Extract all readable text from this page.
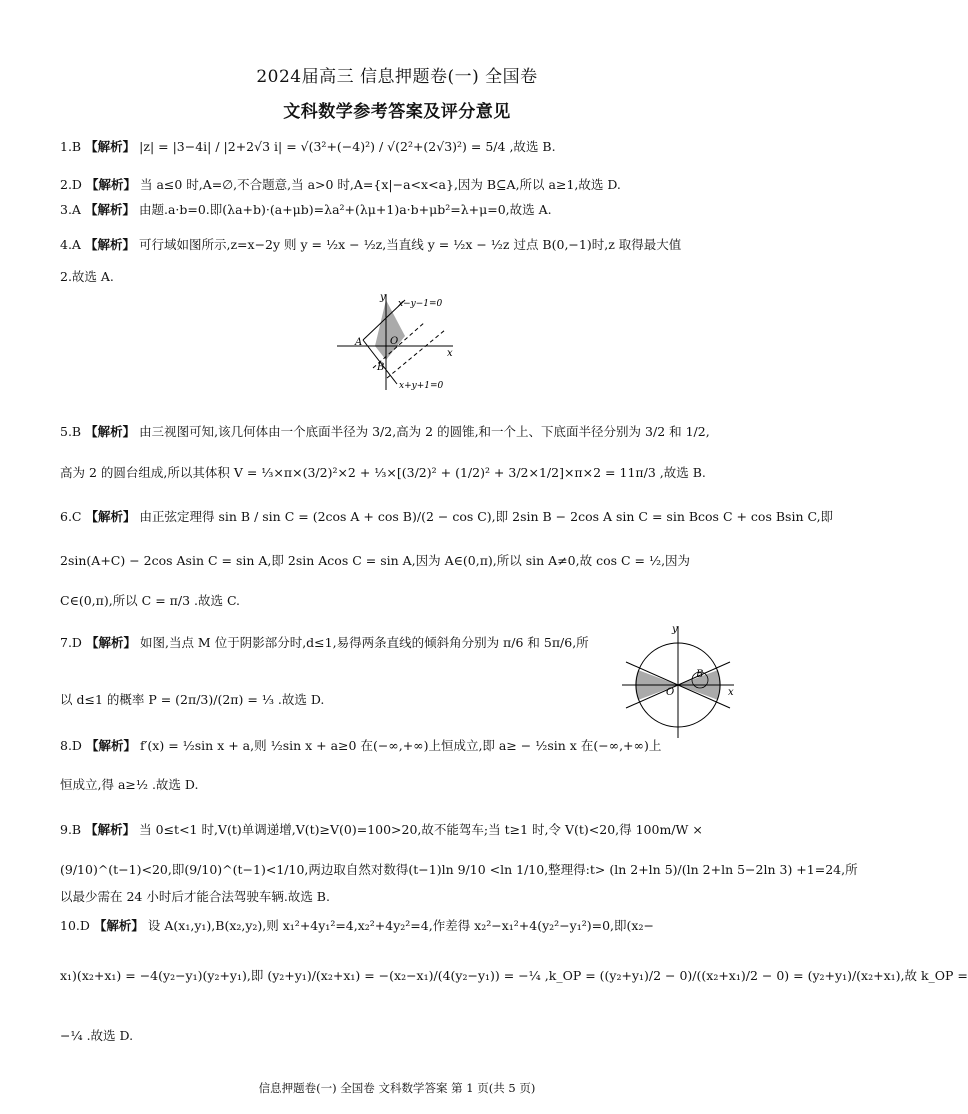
2024届高三 信息押题卷(一) 全国卷
文科数学参考答案及评分意见
1.B 【解析】 |z| = |3−4i| / |2+2√3 i| = √(3²+(−4)²) / √(2²+(2√3)²) = 5/4 ,故选 B.
2.D 【解析】 当 a≤0 时,A=∅,不合题意,当 a>0 时,A={x|−a<x<a},因为 B⊆A,所以 a≥1,故选 D.
3.A 【解析】 由题.a·b=0.即(λa+b)·(a+μb)=λa²+(λμ+1)a·b+μb²=λ+μ=0,故选 A.
4.A 【解析】 可行域如图所示,z=x−2y 则 y = ½x − ½z,当直线 y = ½x − ½z 过点 B(0,−1)时,z 取得最大值
2.故选 A.
y
x
O
A
B
x−y−1=0
x+y+1=0
5.B 【解析】 由三视图可知,该几何体由一个底面半径为 3/2,高为 2 的圆锥,和一个上、下底面半径分别为 3/2 和 1/2,
高为 2 的圆台组成,所以其体积 V = ⅓×π×(3/2)²×2 + ⅓×[(3/2)² + (1/2)² + 3/2×1/2]×π×2 = 11π/3 ,故选 B.
6.C 【解析】 由正弦定理得 sin B / sin C = (2cos A + cos B)/(2 − cos C),即 2sin B − 2cos A sin C = sin Bcos C + cos Bsin C,即
2sin(A+C) − 2cos Asin C = sin A,即 2sin Acos C = sin A,因为 A∈(0,π),所以 sin A≠0,故 cos C = ½,因为
C∈(0,π),所以 C = π/3 .故选 C.
7.D 【解析】 如图,当点 M 位于阴影部分时,d≤1,易得两条直线的倾斜角分别为 π/6 和 5π/6,所
以 d≤1 的概率 P = (2π/3)/(2π) = ⅓ .故选 D.
y
x
O
B
8.D 【解析】 f′(x) = ½sin x + a,则 ½sin x + a≥0 在(−∞,+∞)上恒成立,即 a≥ − ½sin x 在(−∞,+∞)上
恒成立,得 a≥½ .故选 D.
9.B 【解析】 当 0≤t<1 时,V(t)单调递增,V(t)≥V(0)=100>20,故不能驾车;当 t≥1 时,令 V(t)<20,得 100m/W ×
(9/10)^(t−1)<20,即(9/10)^(t−1)<1/10,两边取自然对数得(t−1)ln 9/10 <ln 1/10,整理得:t> (ln 2+ln 5)/(ln 2+ln 5−2ln 3) +1=24,所
以最少需在 24 小时后才能合法驾驶车辆.故选 B.
10.D 【解析】 设 A(x₁,y₁),B(x₂,y₂),则 x₁²+4y₁²=4,x₂²+4y₂²=4,作差得 x₂²−x₁²+4(y₂²−y₁²)=0,即(x₂−
x₁)(x₂+x₁) = −4(y₂−y₁)(y₂+y₁),即 (y₂+y₁)/(x₂+x₁) = −(x₂−x₁)/(4(y₂−y₁)) = −¼ ,k_OP = ((y₂+y₁)/2 − 0)/((x₂+x₁)/2 − 0) = (y₂+y₁)/(x₂+x₁),故 k_OP =
−¼ .故选 D.
信息押题卷(一) 全国卷 文科数学答案 第 1 页(共 5 页)
